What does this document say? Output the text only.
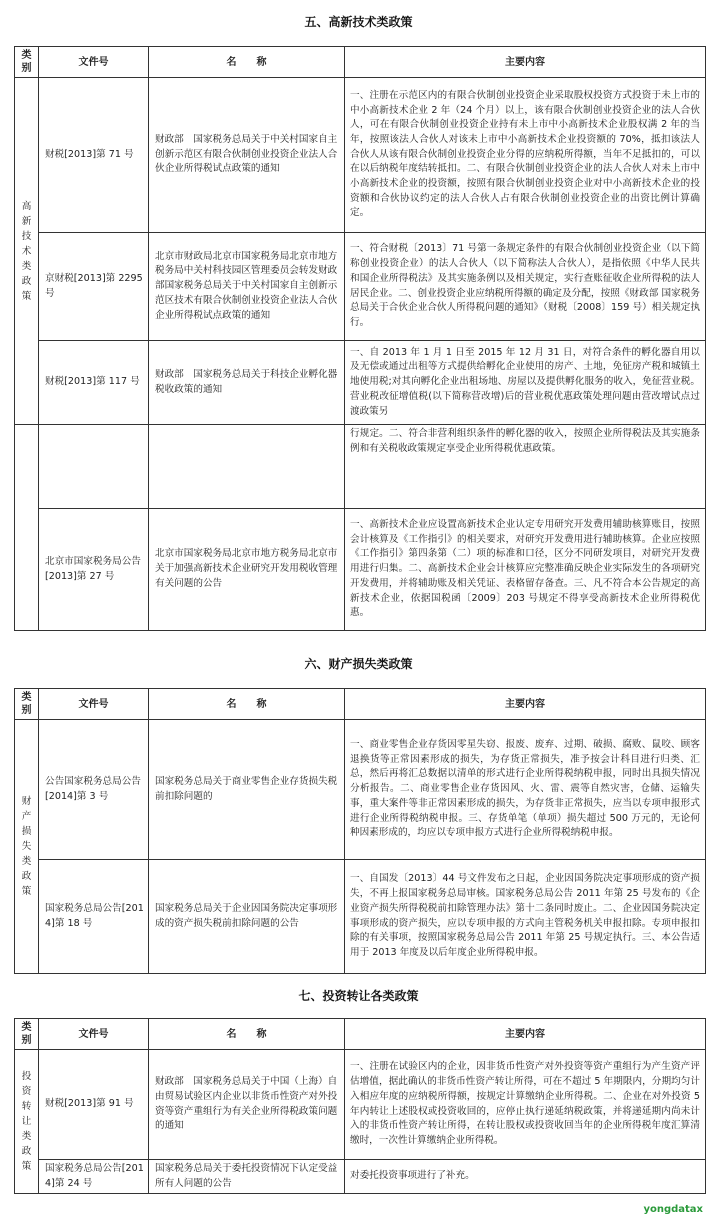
五、高新技术类政策
类别	文件号	名　　称	主要内容

高新技术类政策	财税[2013]第 71 号	财政部　国家税务总局关于中关村国家自主创新示范区有限合伙制创业投资企业法人合伙企业所得税试点政策的通知	一、注册在示范区内的有限合伙制创业投资企业采取股权投资方式投资于未上市的中小高新技术企业 2 年（24 个月）以上，该有限合伙制创业投资企业的法人合伙人，可在有限合伙制创业投资企业持有未上市中小高新技术企业股权满 2 年的当年，按照该法人合伙人对该未上市中小高新技术企业投资额的 70%，抵扣该法人合伙人从该有限合伙制创业投资企业分得的应纳税所得额，当年不足抵扣的，可以在以后纳税年度结转抵扣。二、有限合伙制创业投资企业的法人合伙人对未上市中小高新技术企业的投资额，按照有限合伙制创业投资企业对中小高新技术企业的投资额和合伙协议约定的法人合伙人占有限合伙制创业投资企业的出资比例计算确定。
	京财税[2013]第 2295 号	北京市财政局北京市国家税务局北京市地方税务局中关村科技园区管理委员会转发财政部国家税务总局关于中关村国家自主创新示范区技术有限合伙制创业投资企业法人合伙企业所得税试点政策的通知	一、符合财税〔2013〕71 号第一条规定条件的有限合伙制创业投资企业（以下简称创业投资企业）的法人合伙人（以下简称法人合伙人），是指依照《中华人民共和国企业所得税法》及其实施条例以及相关规定，实行查账征收企业所得税的法人居民企业。二、创业投资企业应纳税所得额的确定及分配，按照《财政部 国家税务总局关于合伙企业合伙人所得税问题的通知》（财税〔2008〕159 号）相关规定执行。
	财税[2013]第 117 号	财政部　国家税务总局关于科技企业孵化器税收政策的通知	一、自 2013 年 1 月 1 日至 2015 年 12 月 31 日，对符合条件的孵化器自用以及无偿或通过出租等方式提供给孵化企业使用的房产、土地，免征房产税和城镇土地使用税;对其向孵化企业出租场地、房屋以及提供孵化服务的收入，免征营业税。营业税改征增值税(以下简称营改增)后的营业税优惠政策处理问题由营改增试点过渡政策另
			行规定。二、符合非营利组织条件的孵化器的收入，按照企业所得税法及其实施条例和有关税收政策规定享受企业所得税优惠政策。
	北京市国家税务局公告[2013]第 27 号	北京市国家税务局北京市地方税务局北京市关于加强高新技术企业研究开发用税收管理有关问题的公告	一、高新技术企业应设置高新技术企业认定专用研究开发费用辅助核算账目，按照会计核算及《工作指引》的相关要求，对研究开发费用进行辅助核算。企业应按照《工作指引》第四条第（二）项的标准和口径，区分不同研发项目，对研究开发费用进行归集。二、高新技术企业会计核算应完整准确反映企业实际发生的各项研究开发费用，并将辅助账及相关凭证、表格留存备查。三、凡不符合本公告规定的高新技术企业，依据国税函〔2009〕203 号规定不得享受高新技术企业所得税优惠。
六、财产损失类政策
类别	文件号	名　　称	主要内容

财产损失类政策	公告国家税务总局公告[2014]第 3 号	国家税务总局关于商业零售企业存货损失税前扣除问题的	一、商业零售企业存货因零星失窃、报废、废弃、过期、破损、腐败、鼠咬、顾客退换货等正常因素形成的损失，为存货正常损失，准予按会计科目进行归类、汇总，然后再将汇总数据以清单的形式进行企业所得税纳税申报，同时出具损失情况分析报告。二、商业零售企业存货因风、火、雷、震等自然灾害，仓储、运输失事，重大案件等非正常因素形成的损失，为存货非正常损失，应当以专项申报形式进行企业所得税纳税申报。三、存货单笔（单项）损失超过 500 万元的，无论何种因素形成的，均应以专项申报方式进行企业所得税纳税申报。
	国家税务总局公告[2014]第 18 号	国家税务总局关于企业因国务院决定事项形成的资产损失税前扣除问题的公告	一、自国发〔2013〕44 号文件发布之日起，企业因国务院决定事项形成的资产损失，不再上报国家税务总局审核。国家税务总局公告 2011 年第 25 号发布的《企业资产损失所得税税前扣除管理办法》第十二条同时废止。二、企业因国务院决定事项形成的资产损失，应以专项申报的方式向主管税务机关申报扣除。专项申报扣除的有关事项，按照国家税务总局公告 2011 年第 25 号规定执行。三、本公告适用于 2013 年度及以后年度企业所得税申报。
七、投资转让各类政策
类别	文件号	名　　称	主要内容

投资转让类政策	财税[2013]第 91 号	财政部　国家税务总局关于中国（上海）自由贸易试验区内企业以非货币性资产对外投资等资产重组行为有关企业所得税政策问题的通知	一、注册在试验区内的企业，因非货币性资产对外投资等资产重组行为产生资产评估增值，据此确认的非货币性资产转让所得，可在不超过 5 年期限内，分期均匀计入相应年度的应纳税所得额，按规定计算缴纳企业所得税。二、企业在对外投资 5 年内转让上述股权或投资收回的，应停止执行递延纳税政策，并将递延期内尚未计入的非货币性资产转让所得，在转让股权或投资收回当年的企业所得税年度汇算清缴时，一次性计算缴纳企业所得税。
	国家税务总局公告[2014]第 24 号	国家税务总局关于委托投资情况下认定受益所有人问题的公告	对委托投资事项进行了补充。
yongdatax
